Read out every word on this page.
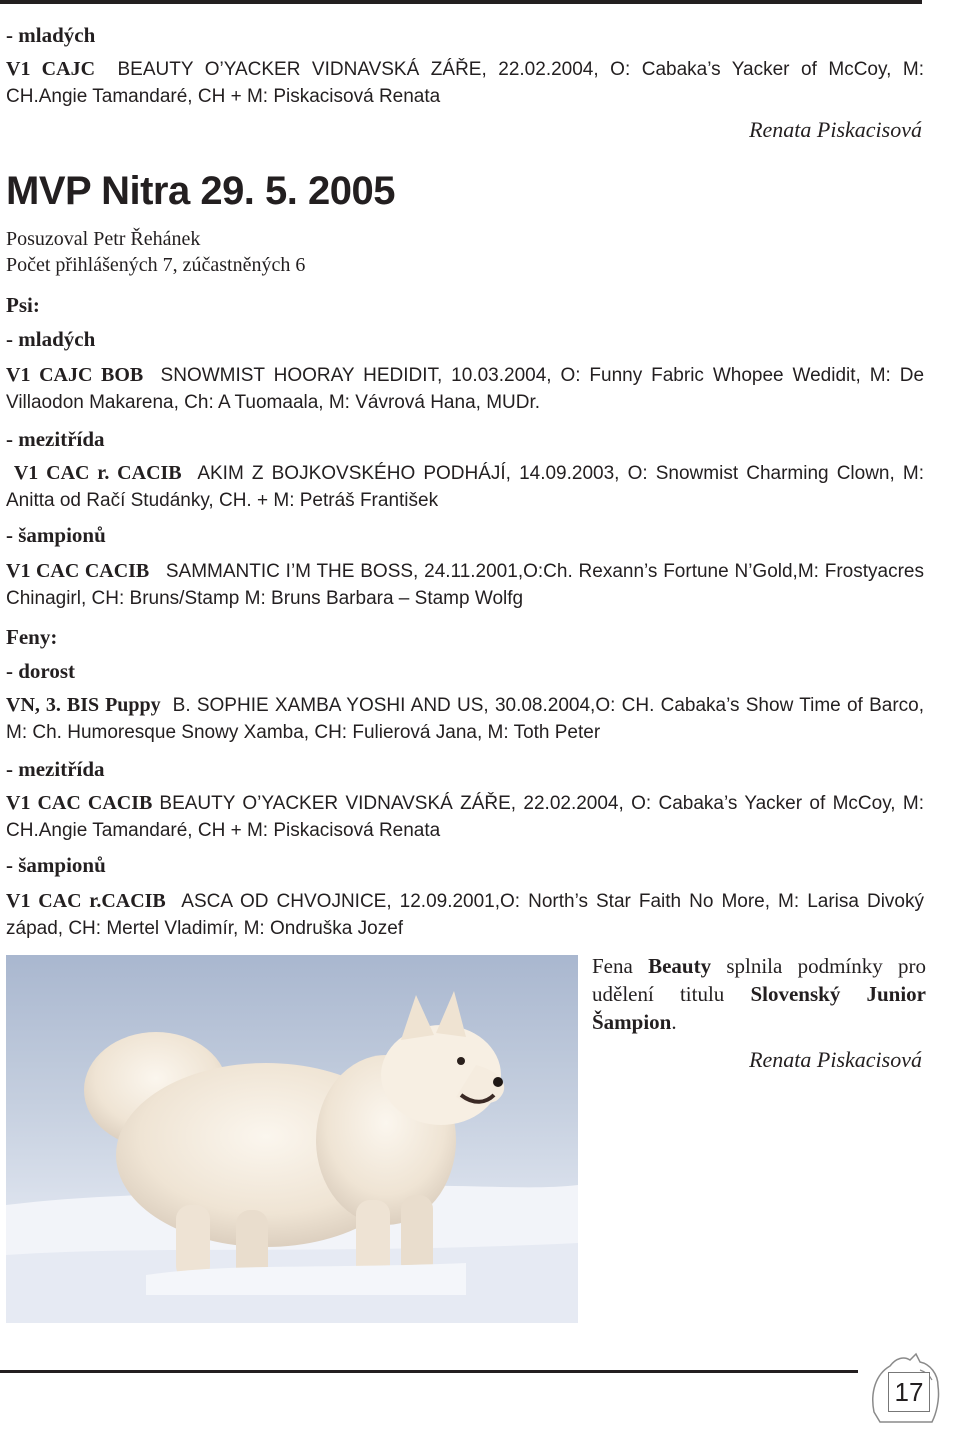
- mladých

V1 CAJC BEAUTY O’YACKER VIDNAVSKÁ ZÁŘE, 22.02.2004, O: Cabaka’s Yacker of McCoy, M: CH.Angie Tamandaré, CH + M: Piskacisová Renata

Renata Piskacisová
MVP Nitra 29. 5. 2005

Posuzoval Petr Řehánek

Počet přihlášených 7, zúčastněných 6

Psi:

- mladých

V1 CAJC BOB SNOWMIST HOORAY HEDIDIT, 10.03.2004, O: Funny Fabric Whopee Wedidit, M: De Villaodon Makarena, Ch: A Tuomaala, M: Vávrová Hana, MUDr.

- mezitřída

V1 CAC r. CACIB AKIM Z BOJKOVSKÉHO PODHÁJÍ, 14.09.2003, O: Snowmist Charming Clown, M: Anitta od Račí Studánky, CH. + M: Petráš František

- šampionů

V1 CAC CACIB SAMMANTIC I’M THE BOSS, 24.11.2001,O:Ch. Rexann’s Fortune N’Gold,M: Frostyacres Chinagirl, CH: Bruns/Stamp M: Bruns Barbara – Stamp Wolfg

Feny:

- dorost

VN, 3. BIS Puppy B. SOPHIE XAMBA YOSHI AND US, 30.08.2004,O: CH. Cabaka’s Show Time of Barco, M: Ch. Humoresque Snowy Xamba, CH: Fulierová Jana, M: Toth Peter

- mezitřída

V1 CAC CACIB BEAUTY O’YACKER VIDNAVSKÁ ZÁŘE, 22.02.2004, O: Cabaka’s Yacker of McCoy, M: CH.Angie Tamandaré, CH + M: Piskacisová Renata

- šampionů

V1 CAC r.CACIB ASCA OD CHVOJNICE, 12.09.2001,O: North’s Star Faith No More, M: Larisa Divoký západ, CH: Mertel Vladimír, M: Ondruška Jozef

Fena Beauty splnila podmínky pro udělení titulu Slovenský Junior Šampion.

Renata Piskacisová
17
